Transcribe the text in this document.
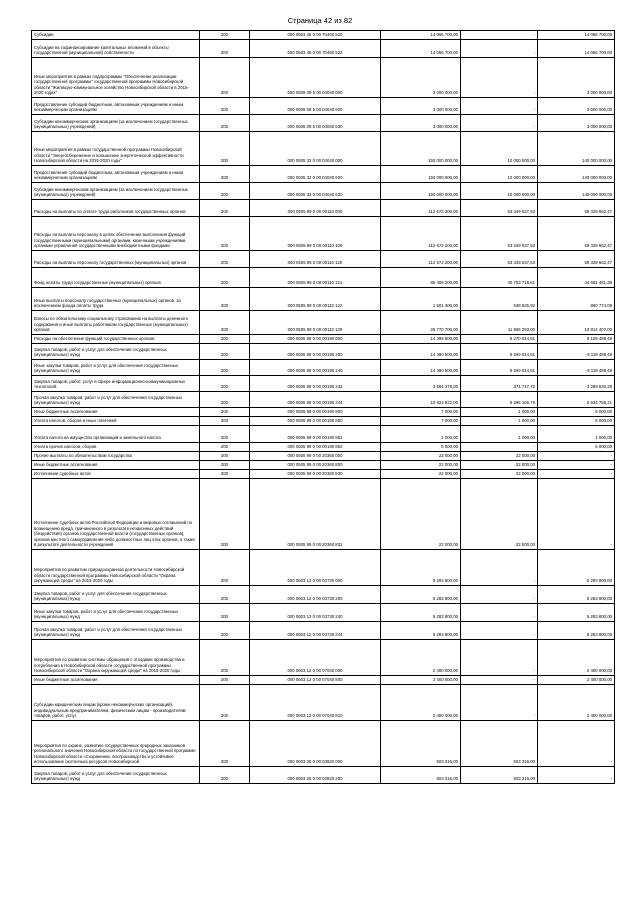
Страница 42 из 82
Субсидии	200	000 0503 46 0 00 70460 520	14 066 700,00	-	14 066 700,00
Субсидии на софинансирование капитальных вложений в объекты государственной (муниципальной) собственности	200	000 0503 46 0 00 70460 522	14 066 700,00	-	14 066 700,00
Иные мероприятия в рамках подпрограммы "Обеспечение реализации государственной программы" государственной программы Новосибирской области "Жилищно-коммунальное хозяйство Новосибирской области в 2015-2020 годах"	200	000 0505 09 5 00 04040 000	3 000 000,00	-	3 000 000,00
Предоставление субсидий бюджетным, автономным учреждениям и иным некоммерческим организациям	200	000 0505 09 5 00 04040 600	3 000 000,00	-	3 000 000,00
Субсидии некоммерческим организациям (за исключением государственных (муниципальных) учреждений)	200	000 0505 09 5 00 04040 630	3 000 000,00	-	3 000 000,00
Иные мероприятия в рамках государственной программы Новосибирской области "Энергосбережение и повышение энергетической эффективности Новосибирской области на 2015-2020 годы"	200	000 0505 32 0 00 04040 000	150 000 000,00	10 000 000,00	140 000 000,00
Предоставление субсидий бюджетным, автономным учреждениям и иным некоммерческим организациям	200	000 0505 32 0 00 04040 600	150 000 000,00	10 000 000,00	140 000 000,00
Субсидии некоммерческим организациям (за исключением государственных (муниципальных) учреждений)	200	000 0505 32 0 00 04040 630	150 000 000,00	10 000 000,00	140 000 000,00
Расходы на выплаты по оплате труда работников государственных органов	200	000 0505 99 0 00 00110 000	112 672 200,00	53 349 537,53	59 328 662,47
Расходы на выплаты персоналу в целях обеспечения выполнения функций государственными (муниципальными) органами, казенными учреждениями, органами управления государственными внебюджетными фондами	200	000 0505 99 0 00 00110 100	112 672 200,00	53 349 537,53	59 328 662,47
Расходы на выплаты персоналу государственных (муниципальных) органов	200	000 0505 99 0 00 00110 120	112 672 200,00	53 349 537,53	59 328 662,47
Фонд оплаты труда государственных (муниципальных) органов	200	000 0505 99 0 00 00110 121	85 405 200,00	40 753 718,61	44 651 481,39
Иные выплаты персоналу государственных (муниципальных) органов, за исключением фонда оплаты труда	200	000 0505 99 0 00 00110 122	1 501 300,00	639 525,92	860 774,08
Взносы по обязательному социальному страхованию на выплаты денежного содержания и иные выплаты работникам государственных (муниципальных) органов	200	000 0505 99 0 00 00110 129	25 770 700,00	11 956 293,00	13 814 407,00
Расходы на обеспечение функций государственных органов	200	000 0505 99 0 00 00190 000	14 395 500,00	5 270 014,51	9 125 485,49
Закупка товаров, работ и услуг для обеспечения государственных (муниципальных) нужд	200	000 0505 99 0 00 00190 200	14 380 500,00	5 269 014,51	9 119 485,49
Иные закупки товаров, работ и услуг для обеспечения государственных (муниципальных) нужд	200	000 0505 99 0 00 00190 240	14 380 500,00	5 269 014,51	9 119 485,49
Закупка товаров, работ, услуг в сфере информационно-коммуникационных технологий	200	000 0505 99 0 00 00190 242	3 664 378,00	374 747,72	3 289 630,28
Прочая закупка товаров, работ и услуг для обеспечения государственных (муниципальных) нужд	200	000 0505 99 0 00 00190 244	10 824 922,00	5 295 166,79	5 534 755,21
Иные бюджетные ассигнования	200	000 0505 99 0 00 00190 800	7 000,00	1 000,00	6 000,00
Уплата налогов, сборов и иных платежей	200	000 0505 99 0 00 00190 850	7 000,00	1 000,00	6 000,00
Уплата налога на имущество организаций и земельного налога	200	000 0505 99 0 00 00190 851	2 000,00	1 000,00	1 000,00
Уплата прочих налогов, сборов	200	000 0505 99 0 00 00190 852	5 000,00	-	5 000,00
Прочие выплаты по обязательствам государства	200	000 0505 99 0 00 20360 000	22 000,00	22 000,00	-
Иные бюджетные ассигнования	200	000 0505 99 0 00 20360 800	22 000,00	22 000,00	-
Исполнение судебных актов	200	000 0505 99 0 00 20360 830	22 000,00	22 000,00	-
Исполнение судебных актов Российской Федерации и мировых соглашений по возмещению вреда, причиненного в результате незаконных действий (бездействия) органов государственной власти (государственных органов), органов местного самоуправления либо должностных лиц этих органов, а также в результате деятельности учреждений	200	000 0505 99 0 00 20360 831	22 000,00	22 000,00	-
Мероприятия по развитию природоохранной деятельности Новосибирской области государственной программы Новосибирской области "Охрана окружающей среды" на 2015-2020 годы	200	000 0603 12 0 00 03730 000	5 283 800,00	-	5 283 800,00
Закупка товаров, работ и услуг для обеспечения государственных (муниципальных) нужд	200	000 0603 12 0 00 03730 200	5 283 800,00	-	5 283 800,00
Иные закупки товаров, работ и услуг для обеспечения государственных (муниципальных) нужд	200	000 0603 12 0 00 03730 240	5 283 800,00	-	5 283 800,00
Прочая закупка товаров, работ и услуг для обеспечения государственных (муниципальных) нужд	200	000 0603 12 0 00 03730 244	5 283 800,00	-	5 283 800,00
Мероприятия по развитию системы обращения с отходами производства и потребления в Новосибирской области государственной программы Новосибирской области "Охрана окружающей среды" на 2015-2020 годы	200	000 0603 12 0 00 07040 000	2 400 000,00	-	2 400 000,00
Иные бюджетные ассигнования	200	000 0603 12 0 00 07040 800	2 400 000,00	-	2 400 000,00
Субсидии юридическим лицам (кроме некоммерческих организаций), индивидуальным предпринимателям, физическим лицам - производителям товаров, работ, услуг	200	000 0603 12 0 00 07040 810	2 400 000,00	-	2 400 000,00
Мероприятия по охране, развитию государственных природных заказников регионального значения Новосибирской области по государственной программе Новосибирской области «Сохранение, воспроизводство и устойчивое использование охотничьих ресурсов Новосибирской	200	000 0603 25 0 00 03820 000	503 316,00	503 316,00	-
Закупка товаров, работ и услуг для обеспечения государственных (муниципальных) нужд	200	000 0603 25 0 00 03820 200	503 316,00	503 316,00	-
